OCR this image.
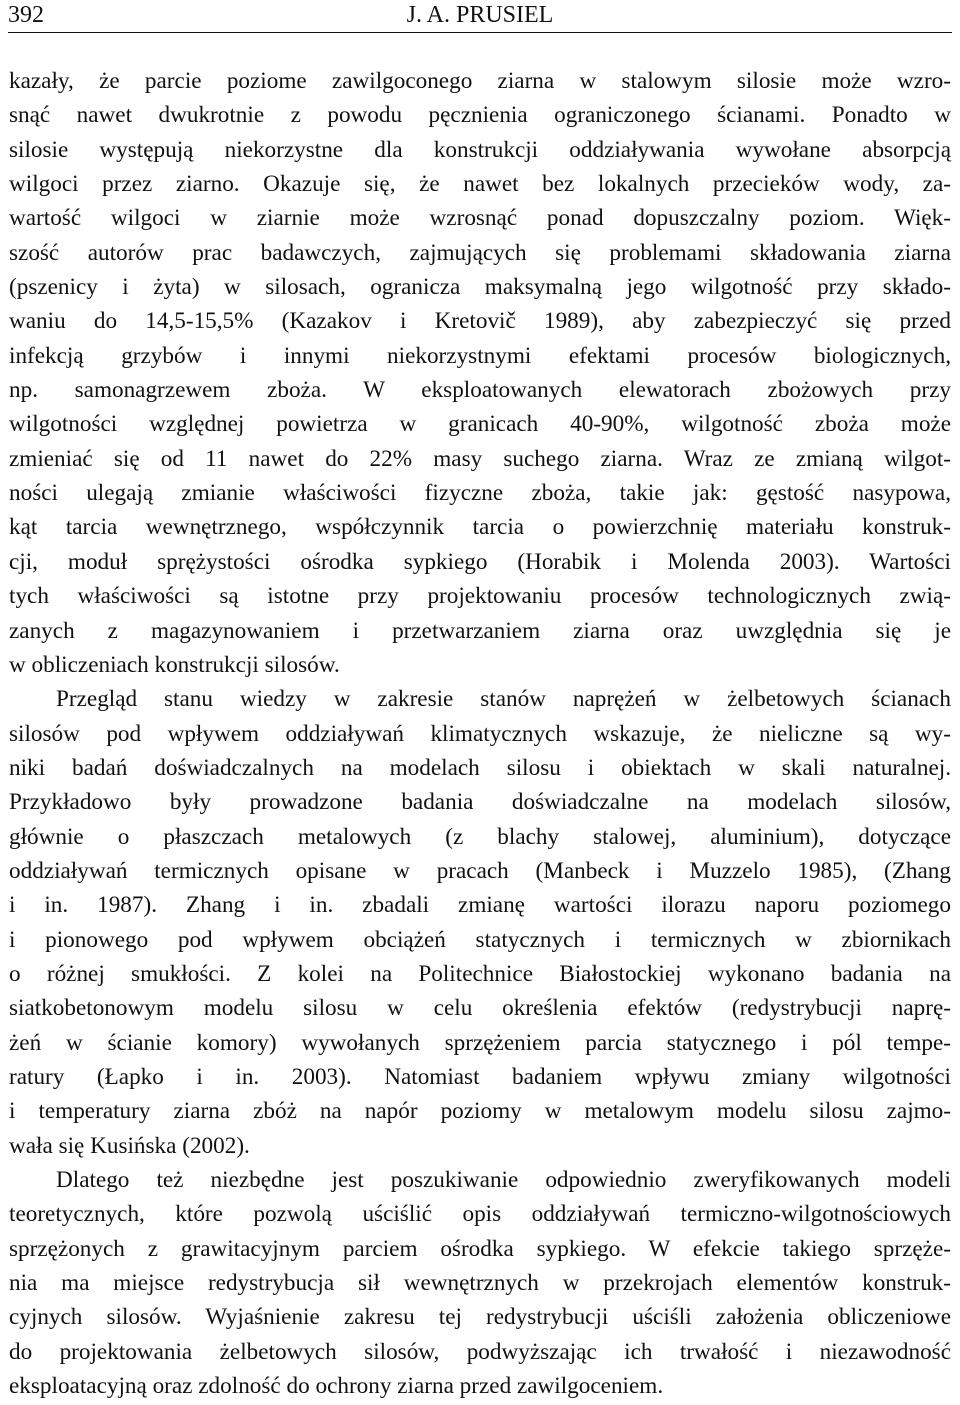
392	J. A. PRUSIEL
kazały, że parcie poziome zawilgoconego ziarna w stalowym silosie może wzro-
snąć nawet dwukrotnie z powodu pęcznienia ograniczonego ścianami. Ponadto w
silosie występują niekorzystne dla konstrukcji oddziaływania wywołane absorpcją
wilgoci przez ziarno. Okazuje się, że nawet bez lokalnych przecieków wody, za-
wartość wilgoci w ziarnie może wzrosnąć ponad dopuszczalny poziom. Więk-
szość autorów prac badawczych, zajmujących się problemami składowania ziarna
(pszenicy i żyta) w silosach, ogranicza maksymalną jego wilgotność przy składo-
waniu do 14,5-15,5% (Kazakov i Kretovič 1989), aby zabezpieczyć się przed
infekcją grzybów i innymi niekorzystnymi efektami procesów biologicznych,
np. samonagrzewem zboża. W eksploatowanych elewatorach zbożowych przy
wilgotności względnej powietrza w granicach 40-90%, wilgotność zboża może
zmieniać się od 11 nawet do 22% masy suchego ziarna. Wraz ze zmianą wilgot-
ności ulegają zmianie właściwości fizyczne zboża, takie jak: gęstość nasypowa,
kąt tarcia wewnętrznego, współczynnik tarcia o powierzchnię materiału konstruk-
cji, moduł sprężystości ośrodka sypkiego (Horabik i Molenda 2003). Wartości
tych właściwości są istotne przy projektowaniu procesów technologicznych zwią-
zanych z magazynowaniem i przetwarzaniem ziarna oraz uwzględnia się je
w obliczeniach konstrukcji silosów.
Przegląd stanu wiedzy w zakresie stanów naprężeń w żelbetowych ścianach
silosów pod wpływem oddziaływań klimatycznych wskazuje, że nieliczne są wy-
niki badań doświadczalnych na modelach silosu i obiektach w skali naturalnej.
Przykładowo były prowadzone badania doświadczalne na modelach silosów,
głównie o płaszczach metalowych (z blachy stalowej, aluminium), dotyczące
oddziaływań termicznych opisane w pracach (Manbeck i Muzzelo 1985), (Zhang
i in. 1987). Zhang i in. zbadali zmianę wartości ilorazu naporu poziomego
i pionowego pod wpływem obciążeń statycznych i termicznych w zbiornikach
o różnej smukłości. Z kolei na Politechnice Białostockiej wykonano badania na
siatkobetonowym modelu silosu w celu określenia efektów (redystrybucji naprę-
żeń w ścianie komory) wywołanych sprzężeniem parcia statycznego i pól tempe-
ratury (Łapko i in. 2003). Natomiast badaniem wpływu zmiany wilgotności
i temperatury ziarna zbóż na napór poziomy w metalowym modelu silosu zajmo-
wała się Kusińska (2002).
Dlatego też niezbędne jest poszukiwanie odpowiednio zweryfikowanych modeli
teoretycznych, które pozwolą uściślić opis oddziaływań termiczno-wilgotnościowych
sprzężonych z grawitacyjnym parciem ośrodka sypkiego. W efekcie takiego sprzęże-
nia ma miejsce redystrybucja sił wewnętrznych w przekrojach elementów konstruk-
cyjnych silosów. Wyjaśnienie zakresu tej redystrybucji uściśli założenia obliczeniowe
do projektowania żelbetowych silosów, podwyższając ich trwałość i niezawodność
eksploatacyjną oraz zdolność do ochrony ziarna przed zawilgoceniem.
